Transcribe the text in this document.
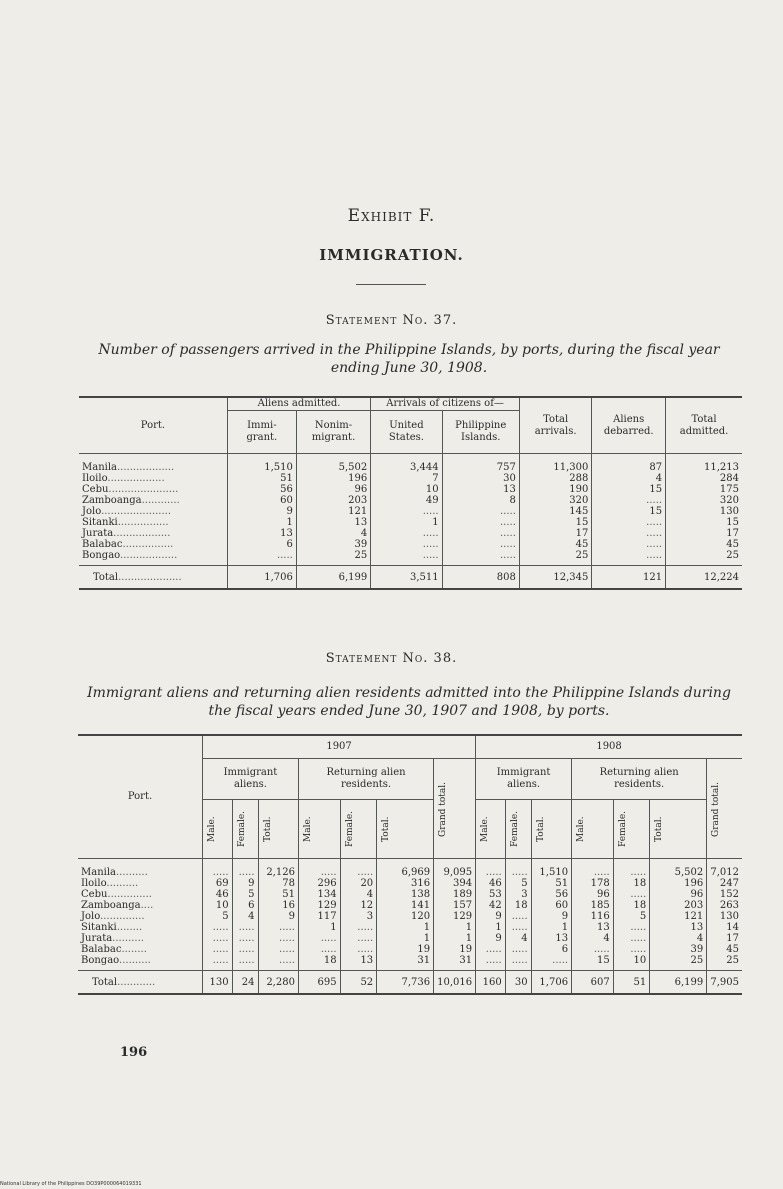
Exhibit F.
IMMIGRATION.
Statement No. 37.
Number of passengers arrived in the Philippine Islands, by ports, during the fiscal year ending June 30, 1908.
Port.	Aliens admitted.		Arrivals of citizens of—		Total arrivals.	Aliens debarred.	Total admitted.
	Immi- grant.	Nonim- migrant.	United States.	Philippine Islands.			
Manila..................	1,510	5,502	3,444	757	11,300	87	11,213
Iloilo..................	51	196	7	30	288	4	284
Cebu......................	56	96	10	13	190	15	175
Zamboanga............	60	203	49	8	320	.....	320
Jolo......................	9	121	.....	.....	145	15	130
Sitanki................	1	13	1	.....	15	.....	15
Jurata..................	13	4	.....	.....	17	.....	17
Balabac................	6	39	.....	.....	45	.....	45
Bongao..................	.....	25	.....	.....	25	.....	25
Total....................	1,706	6,199	3,511	808	12,345	121	12,224
Statement No. 38.
Immigrant aliens and returning alien residents admitted into the Philippine Islands during the fiscal years ended June 30, 1907 and 1908, by ports.
Port.	1907							1908						
	Immigrant aliens.			Returning alien residents.			Grand total.	Immigrant aliens.			Returning alien residents.			Grand total.

	Male.	Female.	Total.	Male.	Female.	Total.		Male.	Female.	Total.	Male.	Female.	Total.	

Manila..........	.....	.....	2,126	.....	.....	6,969	9,095	.....	.....	1,510	.....	.....	5,502	7,012
Iloilo..........	69	9	78	296	20	316	394	46	5	51	178	18	196	247
Cebu..............	46	5	51	134	4	138	189	53	3	56	96	.....	96	152
Zamboanga....	10	6	16	129	12	141	157	42	18	60	185	18	203	263
Jolo..............	5	4	9	117	3	120	129	9	.....	9	116	5	121	130
Sitanki........	.....	.....	.....	1	.....	1	1	1	.....	1	13	.....	13	14
Jurata..........	.....	.....	.....	.....	.....	1	1	9	4	13	4	.....	4	17
Balabac........	.....	.....	.....	.....	.....	19	19	.....	.....	6	.....	.....	39	45
Bongao..........	.....	.....	.....	18	13	31	31	.....	.....	.....	15	10	25	25
Total............	130	24	2,280	695	52	7,736	10,016	160	30	1,706	607	51	6,199	7,905
196
National Library of the Philippines DO39P000064019331
